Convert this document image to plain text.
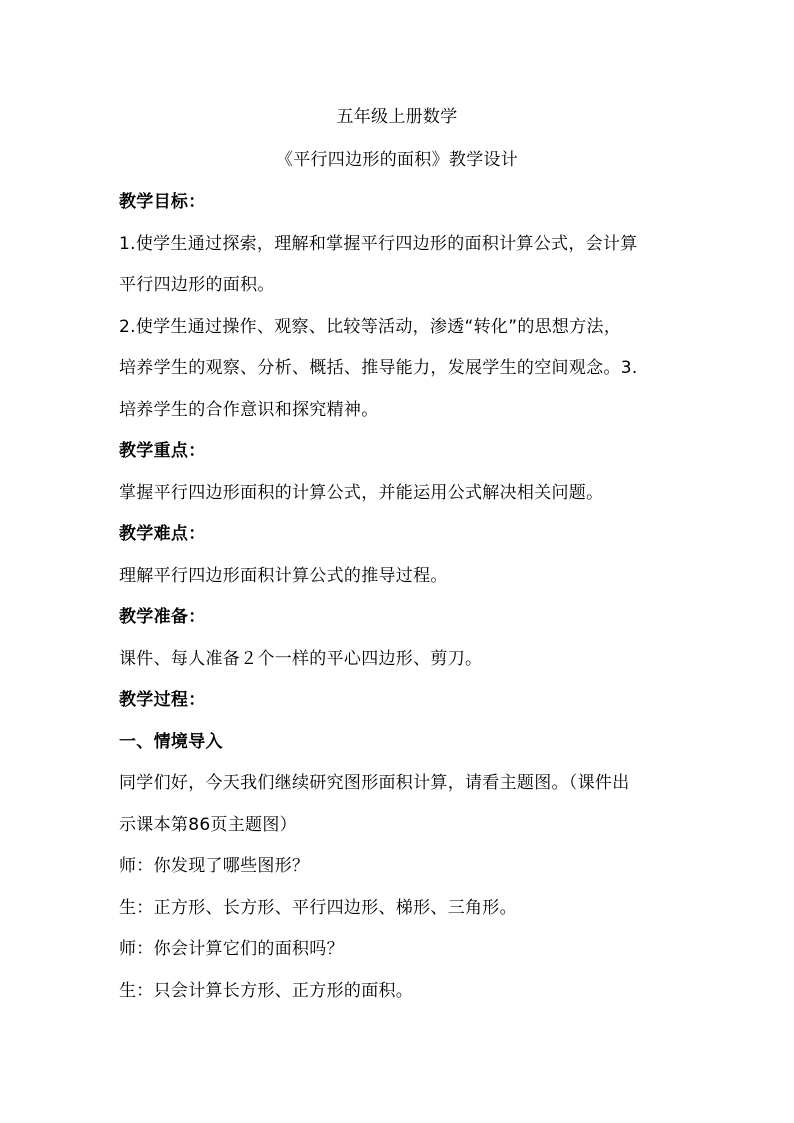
五年级上册数学
《平行四边形的面积》教学设计
教学目标：
1.使学生通过探索，理解和掌握平行四边形的面积计算公式，会计算
平行四边形的面积。
2.使学生通过操作、观察、比较等活动，渗透“转化”的思想方法，
培养学生的观察、分析、概括、推导能力，发展学生的空间观念。3.
培养学生的合作意识和探究精神。
教学重点：
掌握平行四边形面积的计算公式，并能运用公式解决相关问题。
教学难点：
理解平行四边形面积计算公式的推导过程。
教学准备：
课件、每人准备２个一样的平心四边形、剪刀。
教学过程：
一、情境导入
同学们好，今天我们继续研究图形面积计算，请看主题图。（课件出
示课本第86页主题图）
师：你发现了哪些图形？
生：正方形、长方形、平行四边形、梯形、三角形。
师：你会计算它们的面积吗？
生：只会计算长方形、正方形的面积。
